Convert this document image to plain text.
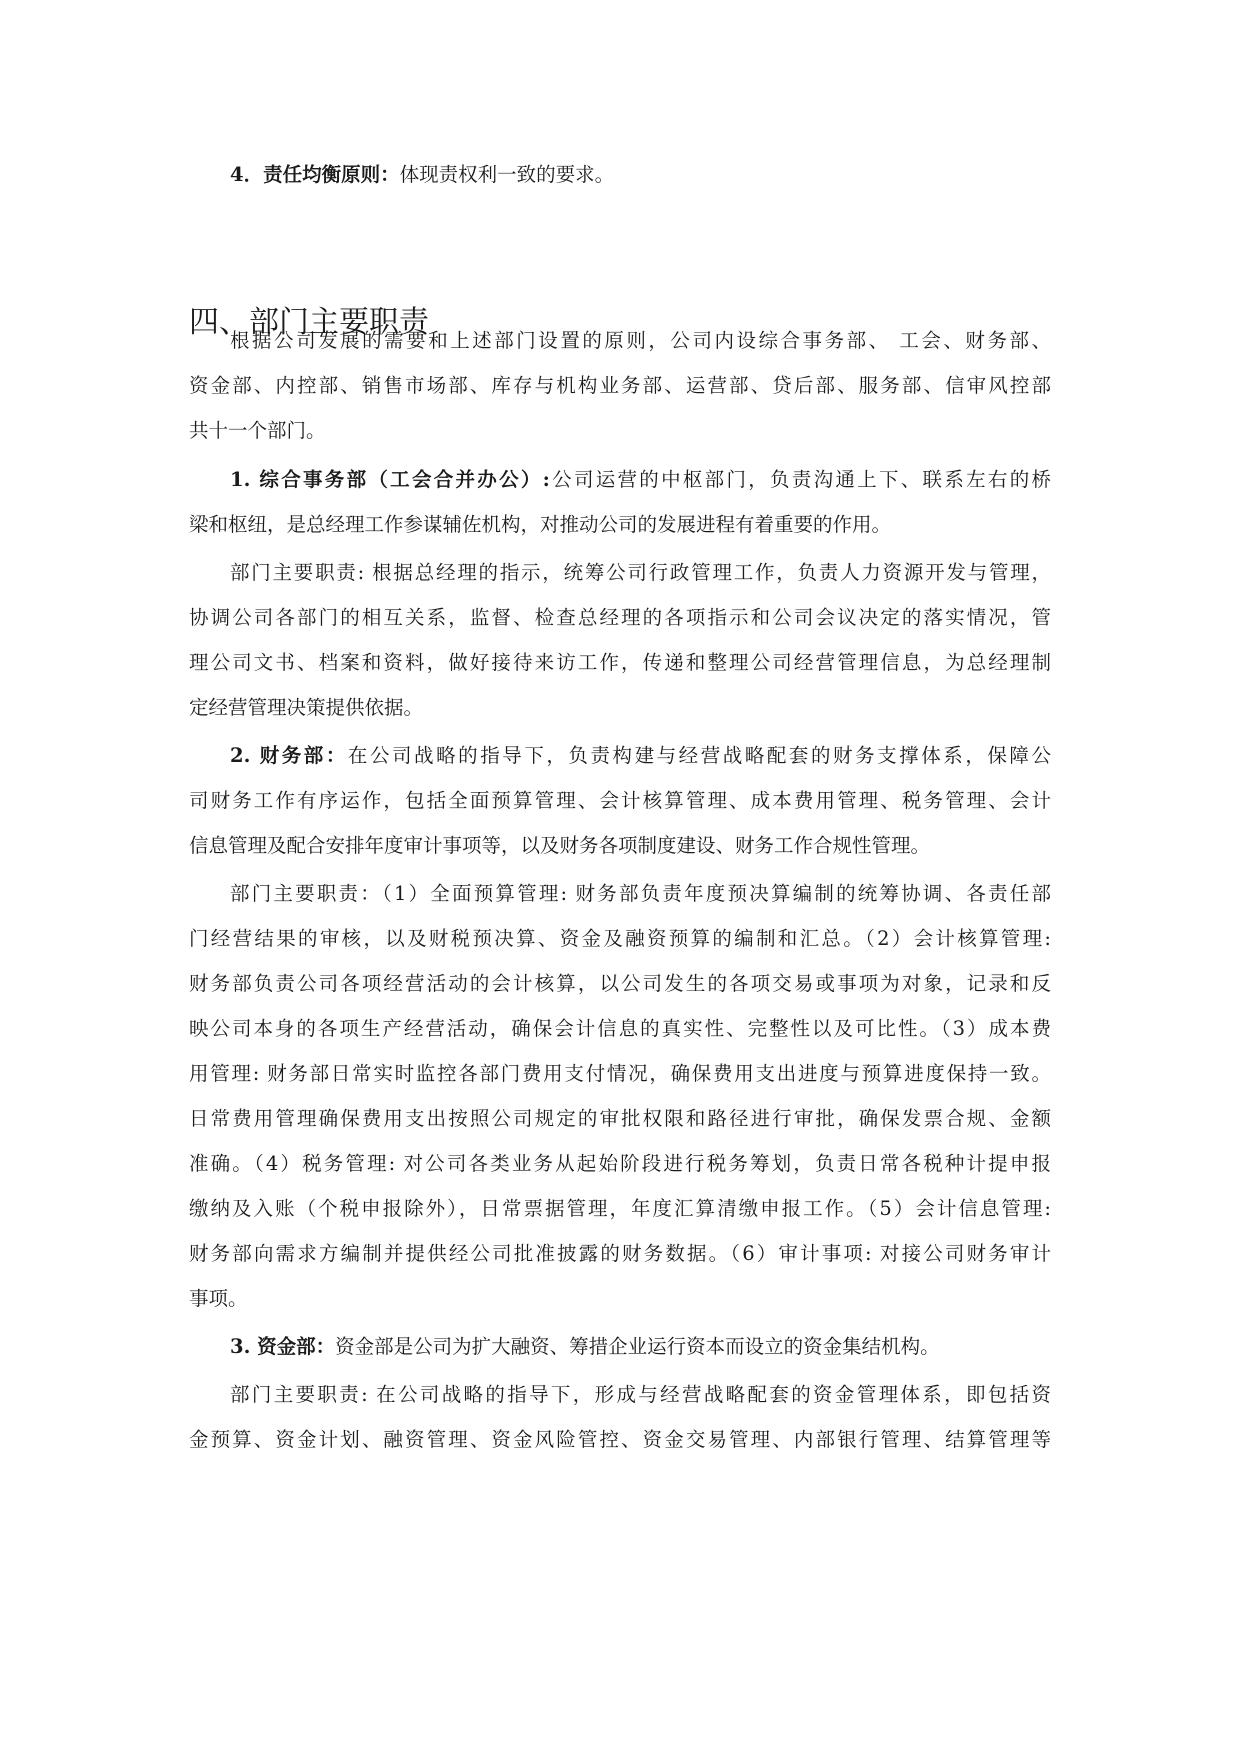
4．责任均衡原则：体现责权利一致的要求。
四、部门主要职责
根据公司发展的需要和上述部门设置的原则，公司内设综合事务部、 工会、财务部、
资金部、内控部、销售市场部、库存与机构业务部、运营部、贷后部、服务部、信审风控部
共十一个部门。
1. 综合事务部（工会合并办公）:公司运营的中枢部门，负责沟通上下、联系左右的桥
梁和枢纽，是总经理工作参谋辅佐机构，对推动公司的发展进程有着重要的作用。
部门主要职责: 根据总经理的指示，统筹公司行政管理工作，负责人力资源开发与管理，
协调公司各部门的相互关系，监督、检查总经理的各项指示和公司会议决定的落实情况，管
理公司文书、档案和资料，做好接待来访工作，传递和整理公司经营管理信息，为总经理制
定经营管理决策提供依据。
2. 财务部：在公司战略的指导下，负责构建与经营战略配套的财务支撑体系，保障公
司财务工作有序运作，包括全面预算管理、会计核算管理、成本费用管理、税务管理、会计
信息管理及配合安排年度审计事项等，以及财务各项制度建设、财务工作合规性管理。
部门主要职责：（1）全面预算管理: 财务部负责年度预决算编制的统筹协调、各责任部
门经营结果的审核，以及财税预决算、资金及融资预算的编制和汇总。（2）会计核算管理:
财务部负责公司各项经营活动的会计核算，以公司发生的各项交易或事项为对象，记录和反
映公司本身的各项生产经营活动，确保会计信息的真实性、完整性以及可比性。（3）成本费
用管理: 财务部日常实时监控各部门费用支付情况，确保费用支出进度与预算进度保持一致。
日常费用管理确保费用支出按照公司规定的审批权限和路径进行审批，确保发票合规、金额
准确。（4）税务管理: 对公司各类业务从起始阶段进行税务筹划，负责日常各税种计提申报
缴纳及入账（个税申报除外），日常票据管理，年度汇算清缴申报工作。（5）会计信息管理:
财务部向需求方编制并提供经公司批准披露的财务数据。（6）审计事项: 对接公司财务审计
事项。
3. 资金部：资金部是公司为扩大融资、筹措企业运行资本而设立的资金集结机构。
部门主要职责: 在公司战略的指导下，形成与经营战略配套的资金管理体系，即包括资
金预算、资金计划、融资管理、资金风险管控、资金交易管理、内部银行管理、结算管理等
